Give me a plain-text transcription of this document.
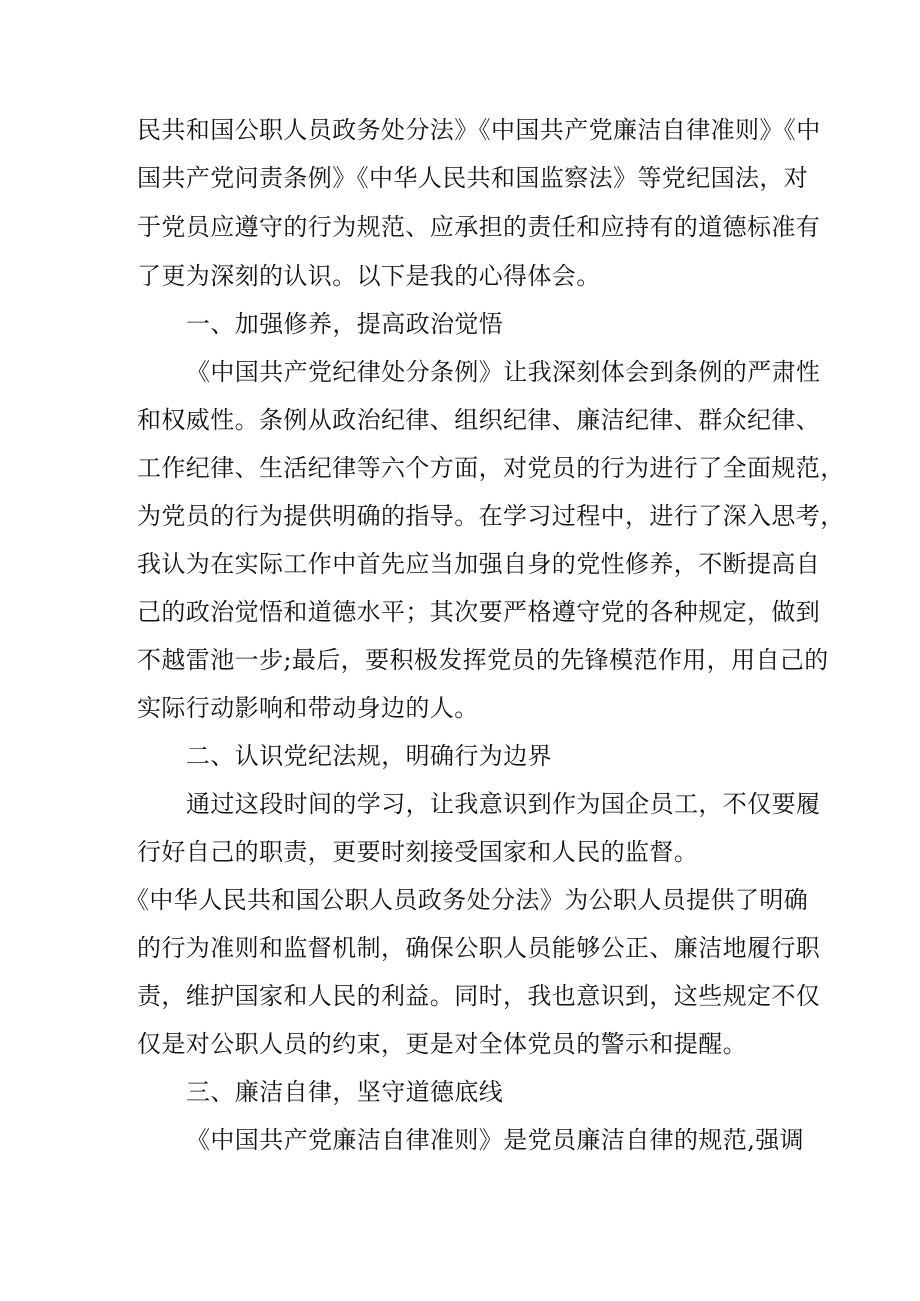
民共和国公职人员政务处分法》《中国共产党廉洁自律准则》《中
国共产党问责条例》《中华人民共和国监察法》等党纪国法，对
于党员应遵守的行为规范、应承担的责任和应持有的道德标准有
了更为深刻的认识。以下是我的心得体会。
一、加强修养，提高政治觉悟
《中国共产党纪律处分条例》让我深刻体会到条例的严肃性
和权威性。条例从政治纪律、组织纪律、廉洁纪律、群众纪律、
工作纪律、生活纪律等六个方面，对党员的行为进行了全面规范，
为党员的行为提供明确的指导。在学习过程中，进行了深入思考，
我认为在实际工作中首先应当加强自身的党性修养，不断提高自
己的政治觉悟和道德水平；其次要严格遵守党的各种规定，做到
不越雷池一步;最后，要积极发挥党员的先锋模范作用，用自己的
实际行动影响和带动身边的人。
二、认识党纪法规，明确行为边界
通过这段时间的学习，让我意识到作为国企员工，不仅要履
行好自己的职责，更要时刻接受国家和人民的监督。
《中华人民共和国公职人员政务处分法》为公职人员提供了明确
的行为准则和监督机制，确保公职人员能够公正、廉洁地履行职
责，维护国家和人民的利益。同时，我也意识到，这些规定不仅
仅是对公职人员的约束，更是对全体党员的警示和提醒。
三、廉洁自律，坚守道德底线
《中国共产党廉洁自律准则》是党员廉洁自律的规范,强调
